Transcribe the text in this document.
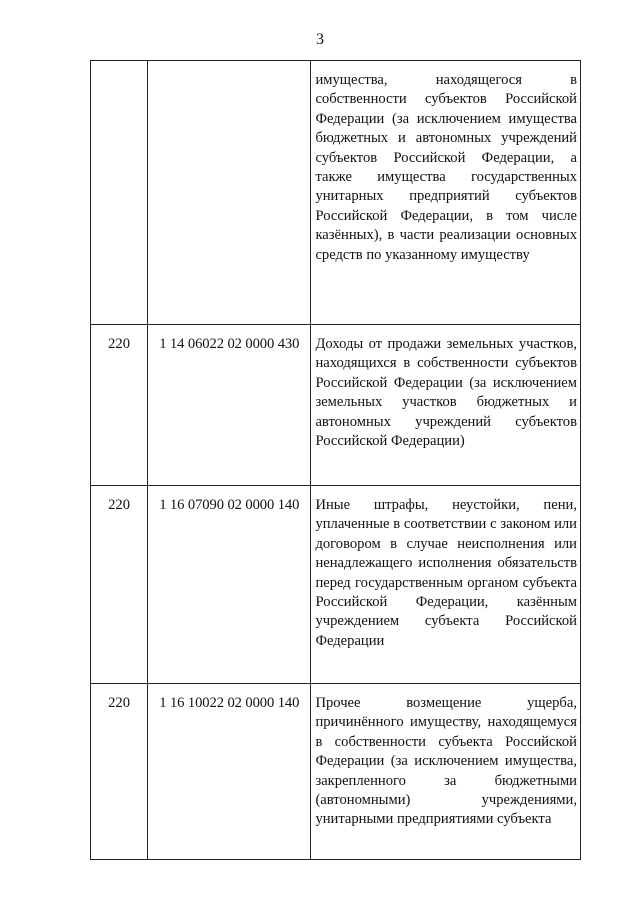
3
		имущества, находящегося в собственности субъектов Российской Федерации (за исключением имущества бюджетных и автономных учреждений субъектов Российской Федерации, а также имущества государственных унитарных предприятий субъектов Российской Федерации, в том числе казённых), в части реализации основных средств по указанному имуществу
220	1 14 06022 02 0000 430	Доходы от продажи земельных участков, находящихся в собственности субъектов Российской Федерации (за исключением земельных участков бюджетных и автономных учреждений субъектов Российской Федерации)
220	1 16 07090 02 0000 140	Иные штрафы, неустойки, пени, уплаченные в соответствии с законом или договором в случае неисполнения или ненадлежащего исполнения обязательств перед государственным органом субъекта Российской Федерации, казённым учреждением субъекта Российской Федерации
220	1 16 10022 02 0000 140	Прочее возмещение ущерба, причинённого имуществу, находящемуся в собственности субъекта Российской Федерации (за исключением имущества, закрепленного за бюджетными (автономными) учреждениями, унитарными предприятиями субъекта
